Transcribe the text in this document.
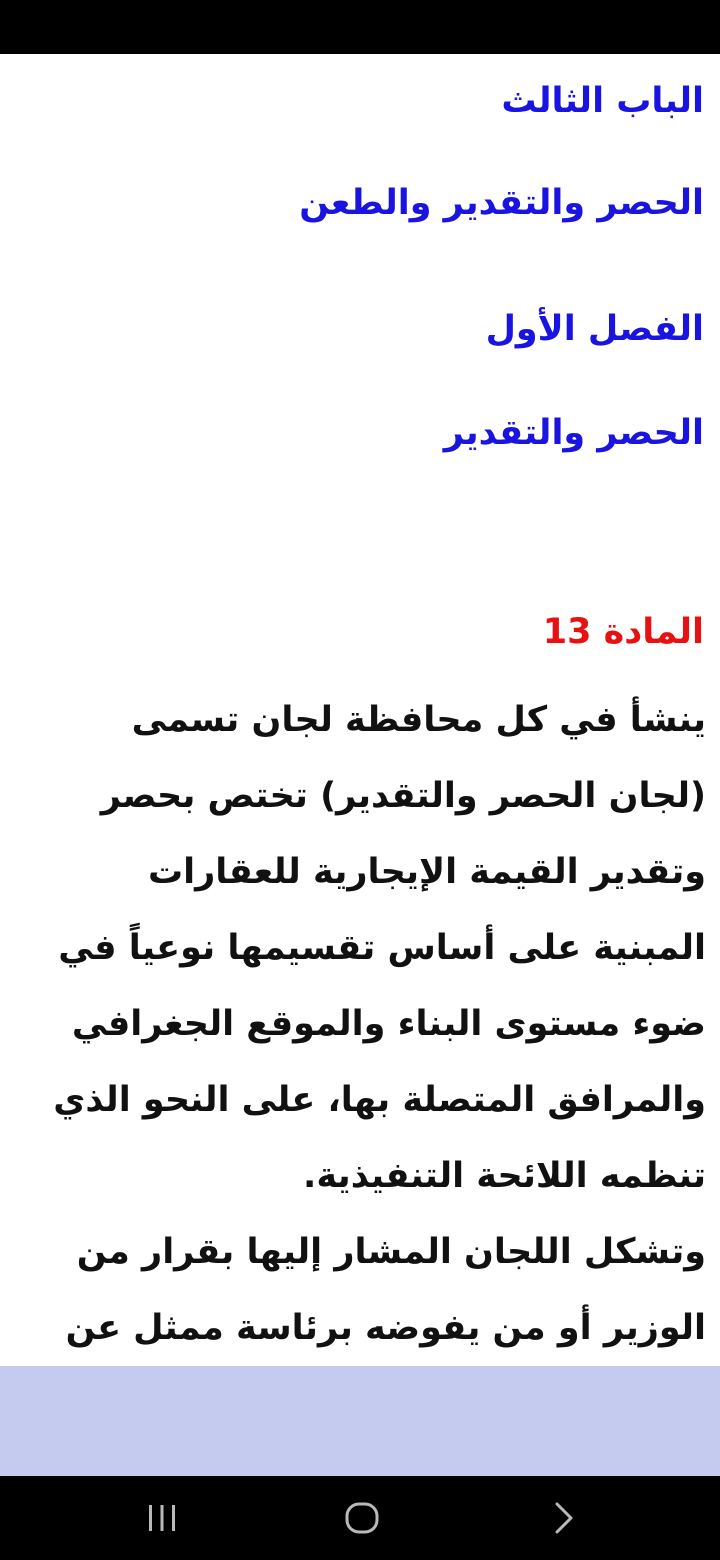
الباب الثالث
الحصر والتقدير والطعن
الفصل الأول
الحصر والتقدير
المادة 13

ينشأ في كل محافظة لجان تسمى (لجان الحصر والتقدير) تختص بحصر وتقدير القيمة الإيجارية للعقارات المبنية على أساس تقسيمها نوعياً في ضوء مستوى البناء والموقع الجغرافي والمرافق المتصلة بها، على النحو الذي تنظمه اللائحة التنفيذية.

وتشكل اللجان المشار إليها بقرار من الوزير أو من يفوضه برئاسة ممثل عن
